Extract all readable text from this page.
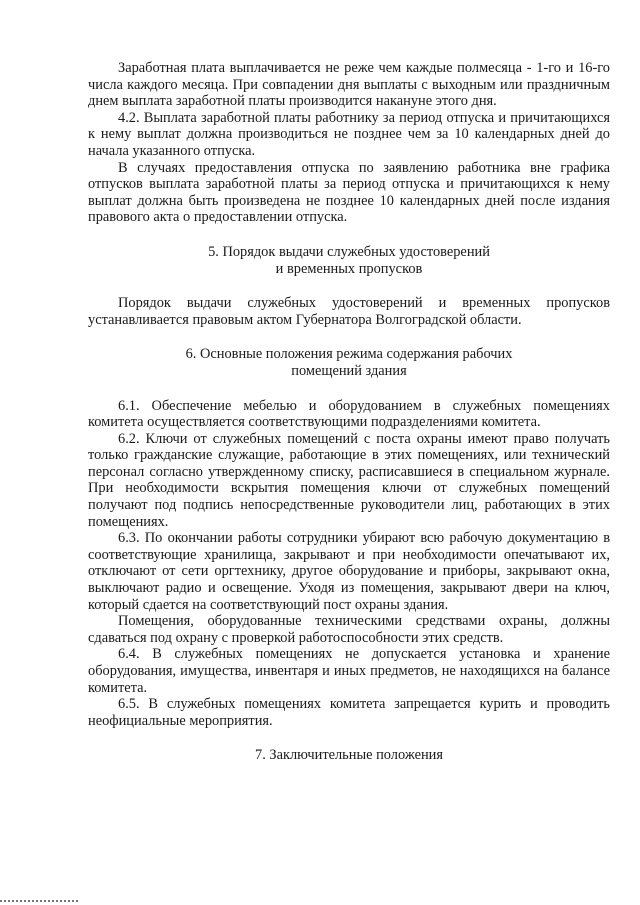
Заработная плата выплачивается не реже чем каждые полмесяца - 1-го и 16-го числа каждого месяца. При совпадении дня выплаты с выходным или праздничным днем выплата заработной платы производится накануне этого дня.

4.2. Выплата заработной платы работнику за период отпуска и причитающихся к нему выплат должна производиться не позднее чем за 10 календарных дней до начала указанного отпуска.

В случаях предоставления отпуска по заявлению работника вне графика отпусков выплата заработной платы за период отпуска и причитающихся к нему выплат должна быть произведена не позднее 10 календарных дней после издания правового акта о предоставлении отпуска.

5. Порядок выдачи служебных удостоверений
и временных пропусков

Порядок выдачи служебных удостоверений и временных пропусков устанавливается правовым актом Губернатора Волгоградской области.

6. Основные положения режима содержания рабочих
помещений здания

6.1. Обеспечение мебелью и оборудованием в служебных помещениях комитета осуществляется соответствующими подразделениями комитета.

6.2. Ключи от служебных помещений с поста охраны имеют право получать только гражданские служащие, работающие в этих помещениях, или технический персонал согласно утвержденному списку, расписавшиеся в специальном журнале. При необходимости вскрытия помещения ключи от служебных помещений получают под подпись непосредственные руководители лиц, работающих в этих помещениях.

6.3. По окончании работы сотрудники убирают всю рабочую документацию в соответствующие хранилища, закрывают и при необходимости опечатывают их, отключают от сети оргтехнику, другое оборудование и приборы, закрывают окна, выключают радио и освещение. Уходя из помещения, закрывают двери на ключ, который сдается на соответствующий пост охраны здания.

Помещения, оборудованные техническими средствами охраны, должны сдаваться под охрану с проверкой работоспособности этих средств.

6.4. В служебных помещениях не допускается установка и хранение оборудования, имущества, инвентаря и иных предметов, не находящихся на балансе комитета.

6.5. В служебных помещениях комитета запрещается курить и проводить неофициальные мероприятия.

7. Заключительные положения
